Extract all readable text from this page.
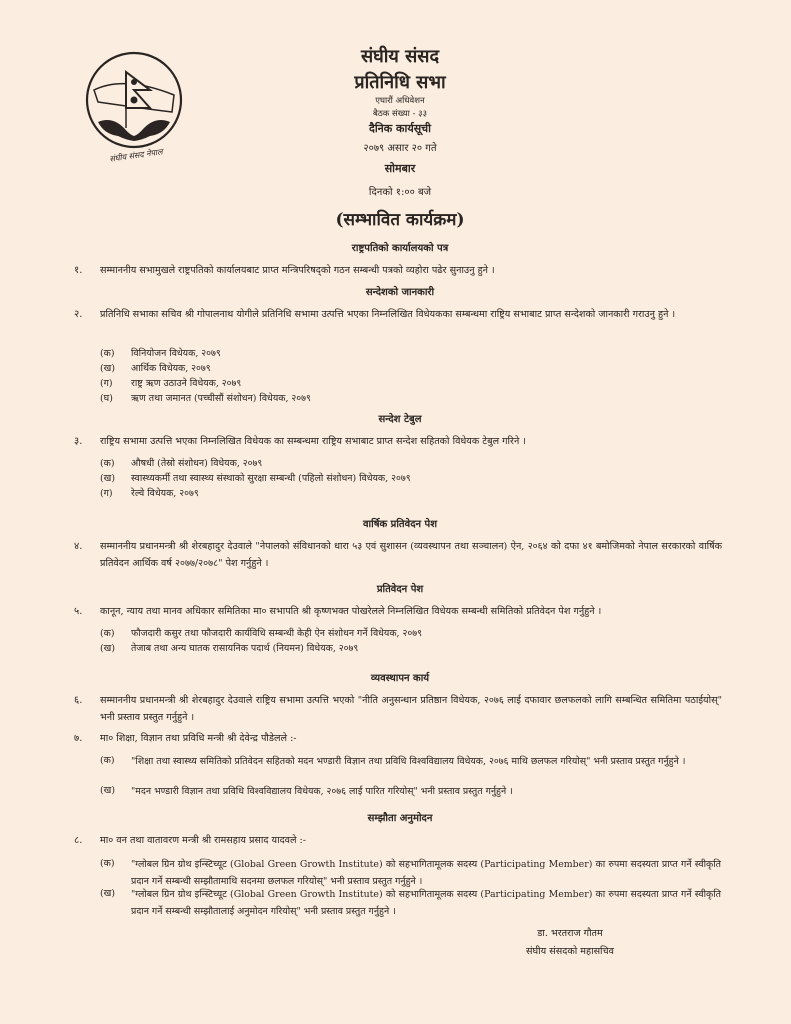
संघीय संसद नेपाल
संघीय संसद
प्रतिनिधि सभा
एघारौं अधिवेशन
बैठक संख्या - ३३
दैनिक कार्यसूची
२०७९ असार २० गते
सोमबार
दिनको १:०० बजे
(सम्भावित कार्यक्रम)
राष्ट्रपतिको कार्यालयको पत्र
१. सम्माननीय सभामुखले राष्ट्रपतिको कार्यालयबाट प्राप्त मन्त्रिपरिषद्को गठन सम्बन्धी पत्रको व्यहोरा पढेर सुनाउनु हुने ।
सन्देशको जानकारी
२. प्रतिनिधि सभाका सचिव श्री गोपालनाथ योगीले प्रतिनिधि सभामा उत्पत्ति भएका निम्नलिखित विधेयकका सम्बन्धमा राष्ट्रिय सभाबाट प्राप्त सन्देशको जानकारी गराउनु हुने ।
(क) विनियोजन विधेयक, २०७९
(ख) आर्थिक विधेयक, २०७९
(ग) राष्ट्र ऋण उठाउने विधेयक, २०७९
(घ) ऋण तथा जमानत (पच्चीसौं संशोधन) विधेयक, २०७९
सन्देश टेबुल
३. राष्ट्रिय सभामा उत्पत्ति भएका निम्नलिखित विधेयक का सम्बन्धमा राष्ट्रिय सभाबाट प्राप्त सन्देश सहितको विधेयक टेबुल गरिने ।
(क) औषधी (तेस्रो संशोधन) विधेयक, २०७९
(ख) स्वास्थ्यकर्मी तथा स्वास्थ्य संस्थाको सुरक्षा सम्बन्धी (पहिलो संशोधन) विधेयक, २०७९
(ग) रेल्वे विधेयक, २०७९
वार्षिक प्रतिवेदन पेश
४. सम्माननीय प्रधानमन्त्री श्री शेरबहादुर देउवाले "नेपालको संविधानको धारा ५३ एवं सुशासन (व्यवस्थापन तथा सञ्चालन) ऐन, २०६४ को दफा ४१ बमोजिमको नेपाल सरकारको वार्षिक प्रतिवेदन आर्थिक वर्ष २०७७/२०७८" पेश गर्नुहुने ।
प्रतिवेदन पेश
५. कानून, न्याय तथा मानव अधिकार समितिका मा० सभापति श्री कृष्णभक्त पोखरेलले निम्नलिखित विधेयक सम्बन्धी समितिको प्रतिवेदन पेश गर्नुहुने ।
(क) फौजदारी कसुर तथा फौजदारी कार्यविधि सम्बन्धी केही ऐन संशोधन गर्ने विधेयक, २०७९
(ख) तेजाब तथा अन्य घातक रासायनिक पदार्थ (नियमन) विधेयक, २०७९
व्यवस्थापन कार्य
६. सम्माननीय प्रधानमन्त्री श्री शेरबहादुर देउवाले राष्ट्रिय सभामा उत्पत्ति भएको "नीति अनुसन्धान प्रतिष्ठान विधेयक, २०७६ लाई दफावार छलफलको लागि सम्बन्धित समितिमा पठाईयोस्" भनी प्रस्ताव प्रस्तुत गर्नुहुने ।
७. मा० शिक्षा, विज्ञान तथा प्रविधि मन्त्री श्री देवेन्द्र पौडेलले :-
(क) "शिक्षा तथा स्वास्थ्य समितिको प्रतिवेदन सहितको मदन भण्डारी विज्ञान तथा प्रविधि विश्वविद्यालय विधेयक, २०७६ माथि छलफल गरियोस्" भनी प्रस्ताव प्रस्तुत गर्नुहुने ।
(ख) "मदन भण्डारी विज्ञान तथा प्रविधि विश्वविद्यालय विधेयक, २०७६ लाई पारित गरियोस्" भनी प्रस्ताव प्रस्तुत गर्नुहुने ।
सम्झौता अनुमोदन
८. मा० वन तथा वातावरण मन्त्री श्री रामसहाय प्रसाद यादवले :-
(क) "ग्लोबल ग्रिन ग्रोथ इन्स्टिच्यूट (Global Green Growth Institute) को सहभागितामूलक सदस्य (Participating Member) का रुपमा सदस्यता प्राप्त गर्ने स्वीकृति प्रदान गर्ने सम्बन्धी सम्झौतामाथि सदनमा छलफल गरियोस्" भनी प्रस्ताव प्रस्तुत गर्नुहुने ।
(ख) "ग्लोबल ग्रिन ग्रोथ इन्स्टिच्यूट (Global Green Growth Institute) को सहभागितामूलक सदस्य (Participating Member) का रुपमा सदस्यता प्राप्त गर्ने स्वीकृति प्रदान गर्ने सम्बन्धी सम्झौतालाई अनुमोदन गरियोस्" भनी प्रस्ताव प्रस्तुत गर्नुहुने ।
डा. भरतराज गौतम
संघीय संसदको महासचिव
